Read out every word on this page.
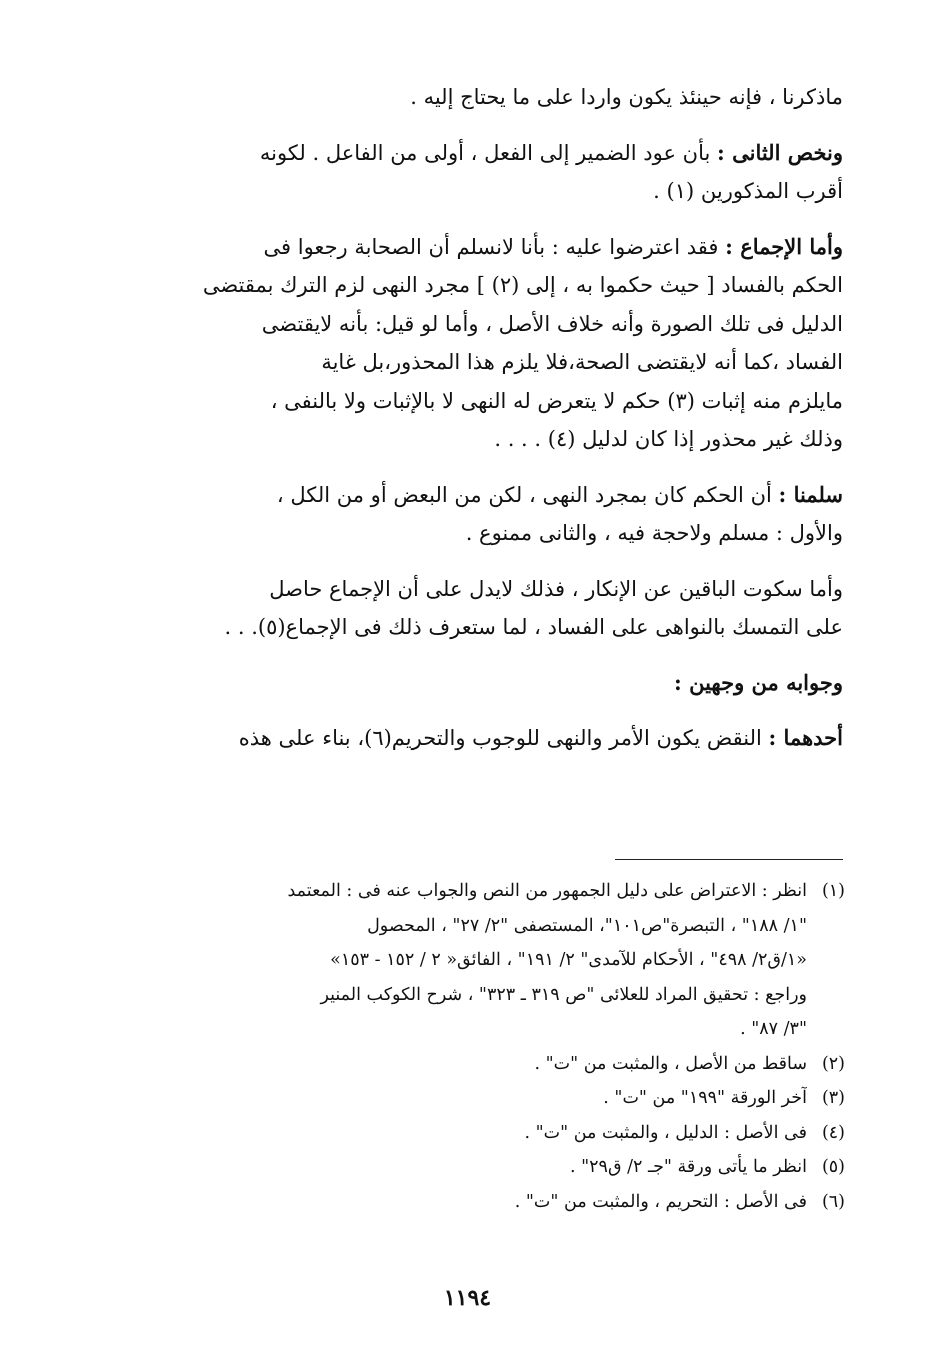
ماذكرنا ، فإنه حينئذ يكون واردا على ما يحتاج إليه .
ونخص الثانى : بأن عود الضمير إلى الفعل ، أولى من الفاعل . لكونه
أقرب المذكورين (١) .
وأما الإجماع : فقد اعترضوا عليه : بأنا لانسلم أن الصحابة رجعوا فى
الحكم بالفساد [ حيث حكموا به ، إلى (٢) ] مجرد النهى لزم الترك بمقتضى
الدليل فى تلك الصورة وأنه خلاف الأصل ، وأما لو قيل: بأنه لايقتضى
الفساد ،كما أنه لايقتضى الصحة،فلا يلزم هذا المحذور،بل غاية
مايلزم منه إثبات (٣) حكم لا يتعرض له النهى لا بالإثبات ولا بالنفى ،
وذلك غير محذور إذا كان لدليل (٤) . . . .
سلمنا : أن الحكم كان بمجرد النهى ، لكن من البعض أو من الكل ،
والأول : مسلم ولاحجة فيه ، والثانى ممنوع .
وأما سكوت الباقين عن الإنكار ، فذلك لايدل على أن الإجماع حاصل
على التمسك بالنواهى على الفساد ، لما ستعرف ذلك فى الإجماع(٥). . .
وجوابه من وجهين :
أحدهما : النقض يكون الأمر والنهى للوجوب والتحريم(٦)، بناء على هذه
(١)
انظر : الاعتراض على دليل الجمهور من النص والجواب عنه فى : المعتمد
"١/ ١٨٨" ، التبصرة"ص١٠١"، المستصفى "٢/ ٢٧" ، المحصول
«١/ق٢/ ٤٩٨" ، الأحكام للآمدى" ٢/ ١٩١" ، الفائق« ٢ / ١٥٢ - ١٥٣»
وراجع : تحقيق المراد للعلائى "ص ٣١٩ ـ ٣٢٣" ، شرح الكوكب المنير
"٣/ ٨٧" .
(٢)
ساقط من الأصل ، والمثبت من "ت" .
(٣)
آخر الورقة "١٩٩" من "ت" .
(٤)
فى الأصل : الدليل ، والمثبت من "ت" .
(٥)
انظر ما يأتى ورقة "جـ ٢/ ق٢٩" .
(٦)
فى الأصل : التحريم ، والمثبت من "ت" .
١١٩٤
